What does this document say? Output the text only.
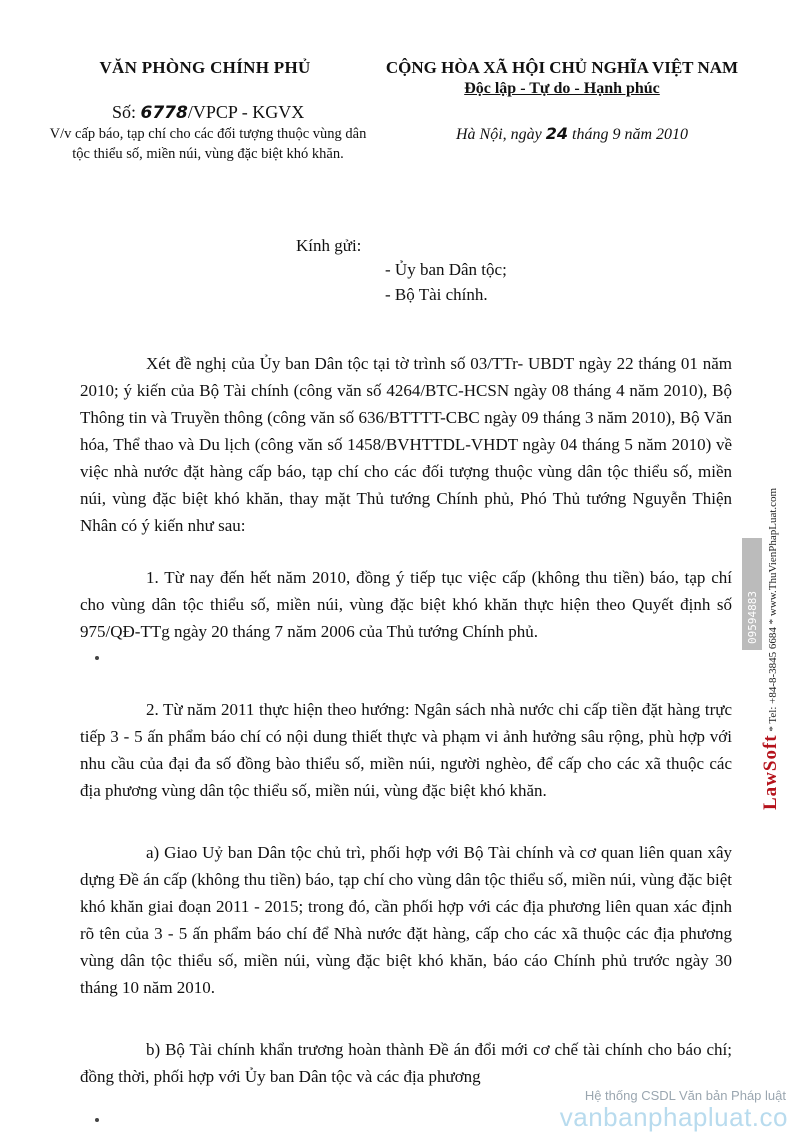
VĂN PHÒNG CHÍNH PHỦ
Số: 6778/VPCP - KGVX
V/v cấp báo, tạp chí cho các đối tượng thuộc vùng dân tộc thiểu số, miền núi, vùng đặc biệt khó khăn.
CỘNG HÒA XÃ HỘI CHỦ NGHĨA VIỆT NAM
Độc lập - Tự do - Hạnh phúc
Hà Nội, ngày 24 tháng 9 năm 2010
Kính gửi:
- Ủy ban Dân tộc;
- Bộ Tài chính.
Xét đề nghị của Ủy ban Dân tộc tại tờ trình số 03/TTr- UBDT ngày 22 tháng 01 năm 2010; ý kiến của Bộ Tài chính (công văn số 4264/BTC-HCSN ngày 08 tháng 4 năm 2010), Bộ Thông tin và Truyền thông (công văn số 636/BTTTT-CBC ngày 09 tháng 3 năm 2010), Bộ Văn hóa, Thể thao và Du lịch (công văn số 1458/BVHTTDL-VHDT ngày 04 tháng 5 năm 2010) về việc nhà nước đặt hàng cấp báo, tạp chí cho các đối tượng thuộc vùng dân tộc thiểu số, miền núi, vùng đặc biệt khó khăn, thay mặt Thủ tướng Chính phủ, Phó Thủ tướng Nguyễn Thiện Nhân có ý kiến như sau:
1. Từ nay đến hết năm 2010, đồng ý tiếp tục việc cấp (không thu tiền) báo, tạp chí cho vùng dân tộc thiểu số, miền núi, vùng đặc biệt khó khăn thực hiện theo Quyết định số 975/QĐ-TTg ngày 20 tháng 7 năm 2006 của Thủ tướng Chính phủ.
2. Từ năm 2011 thực hiện theo hướng: Ngân sách nhà nước chi cấp tiền đặt hàng trực tiếp 3 - 5 ấn phẩm báo chí có nội dung thiết thực và phạm vi ảnh hưởng sâu rộng, phù hợp với nhu cầu của đại đa số đồng bào thiểu số, miền núi, người nghèo, để cấp cho các xã thuộc các địa phương vùng dân tộc thiểu số, miền núi, vùng đặc biệt khó khăn.
a) Giao Uỷ ban Dân tộc chủ trì, phối hợp với Bộ Tài chính và cơ quan liên quan xây dựng Đề án cấp (không thu tiền) báo, tạp chí cho vùng dân tộc thiểu số, miền núi, vùng đặc biệt khó khăn giai đoạn 2011 - 2015; trong đó, cần phối hợp với các địa phương liên quan xác định rõ tên của 3 - 5 ấn phẩm báo chí để Nhà nước đặt hàng, cấp cho các xã thuộc các địa phương vùng dân tộc thiểu số, miền núi, vùng đặc biệt khó khăn, báo cáo Chính phủ trước ngày 30 tháng 10 năm 2010.
b) Bộ Tài chính khẩn trương hoàn thành Đề án đổi mới cơ chế tài chính cho báo chí; đồng thời, phối hợp với Ủy ban Dân tộc và các địa phương
LawSoft * Tel: +84-8-3845 6684 * www.ThuVienPhapLuat.com
09594883
Hệ thống CSDL Văn bản Pháp luật
vanbanphapluat.co
